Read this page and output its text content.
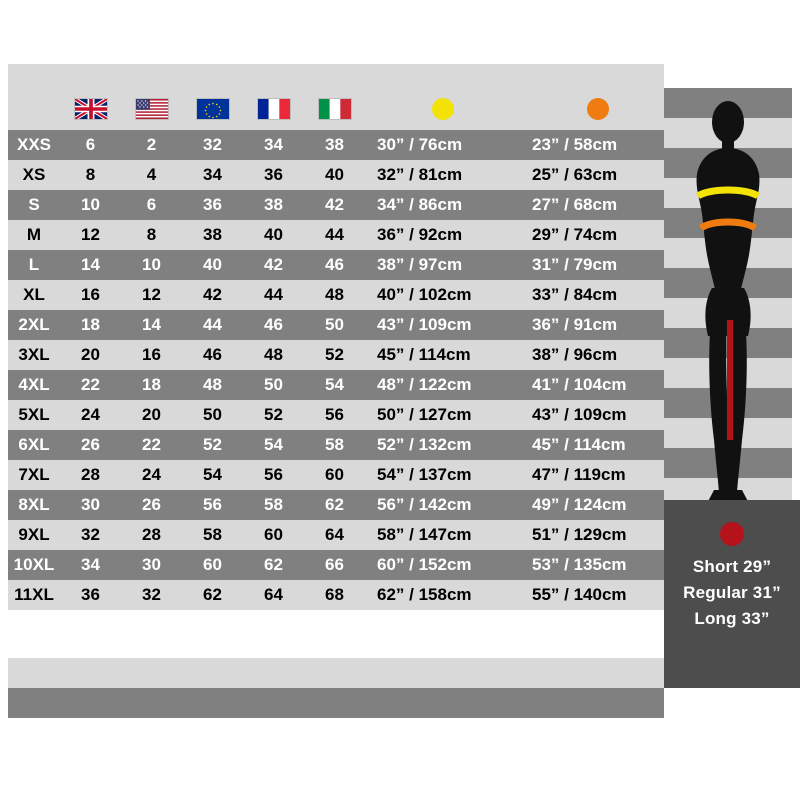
XXS	6	2	32	34	38	30” / 76cm	23” / 58cm
XS	8	4	34	36	40	32” / 81cm	25” / 63cm
S	10	6	36	38	42	34” / 86cm	27” / 68cm
M	12	8	38	40	44	36” / 92cm	29” / 74cm
L	14	10	40	42	46	38” / 97cm	31” / 79cm
XL	16	12	42	44	48	40” / 102cm	33” / 84cm
2XL	18	14	44	46	50	43” / 109cm	36” / 91cm
3XL	20	16	46	48	52	45” / 114cm	38” / 96cm
4XL	22	18	48	50	54	48” / 122cm	41” / 104cm
5XL	24	20	50	52	56	50” / 127cm	43” / 109cm
6XL	26	22	52	54	58	52” / 132cm	45” / 114cm
7XL	28	24	54	56	60	54” / 137cm	47” / 119cm
8XL	30	26	56	58	62	56” / 142cm	49” / 124cm
9XL	32	28	58	60	64	58” / 147cm	51” / 129cm
10XL	34	30	60	62	66	60” / 152cm	53” / 135cm
11XL	36	32	62	64	68	62” / 158cm	55” / 140cm
Short 29”
Regular 31”
Long 33”
